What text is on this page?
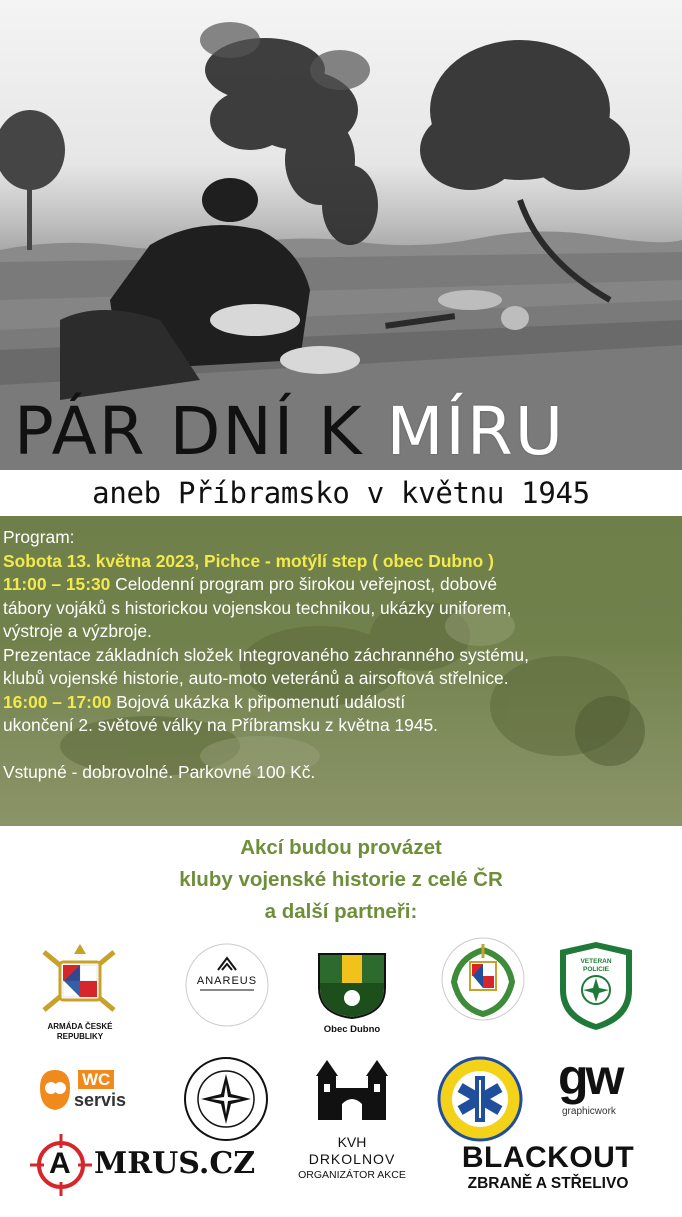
PÁR DNÍ K MÍRU

aneb Příbramsko v květnu 1945

Program:

Sobota 13. května 2023, Pichce - motýlí step ( obec Dubno )

11:00 – 15:30 Celodenní program pro širokou veřejnost, dobové

tábory vojáků s historickou vojenskou technikou, ukázky uniforem,

výstroje a výzbroje.

Prezentace základních složek Integrovaného záchranného systému,

klubů vojenské historie, auto-moto veteránů a airsoftová střelnice.

16:00 – 17:00 Bojová ukázka k připomenutí událostí

ukončení 2. světové války na Příbramsku z května 1945.

Vstupné - dobrovolné. Parkovné 100 Kč.

Akcí budou provázet

kluby vojenské historie z celé ČR

a další partneři:

ARMÁDA ČESKÉ
REPUBLIKY
ANAREUS
Obec Dubno
VETERAN
POLICIE
WC
servis	gw
graphicwork
A MRUS.CZ
KVH
DRKOLNOV
ORGANIZÁTOR AKCE
BLACKOUT
ZBRANĚ A STŘELIVO
